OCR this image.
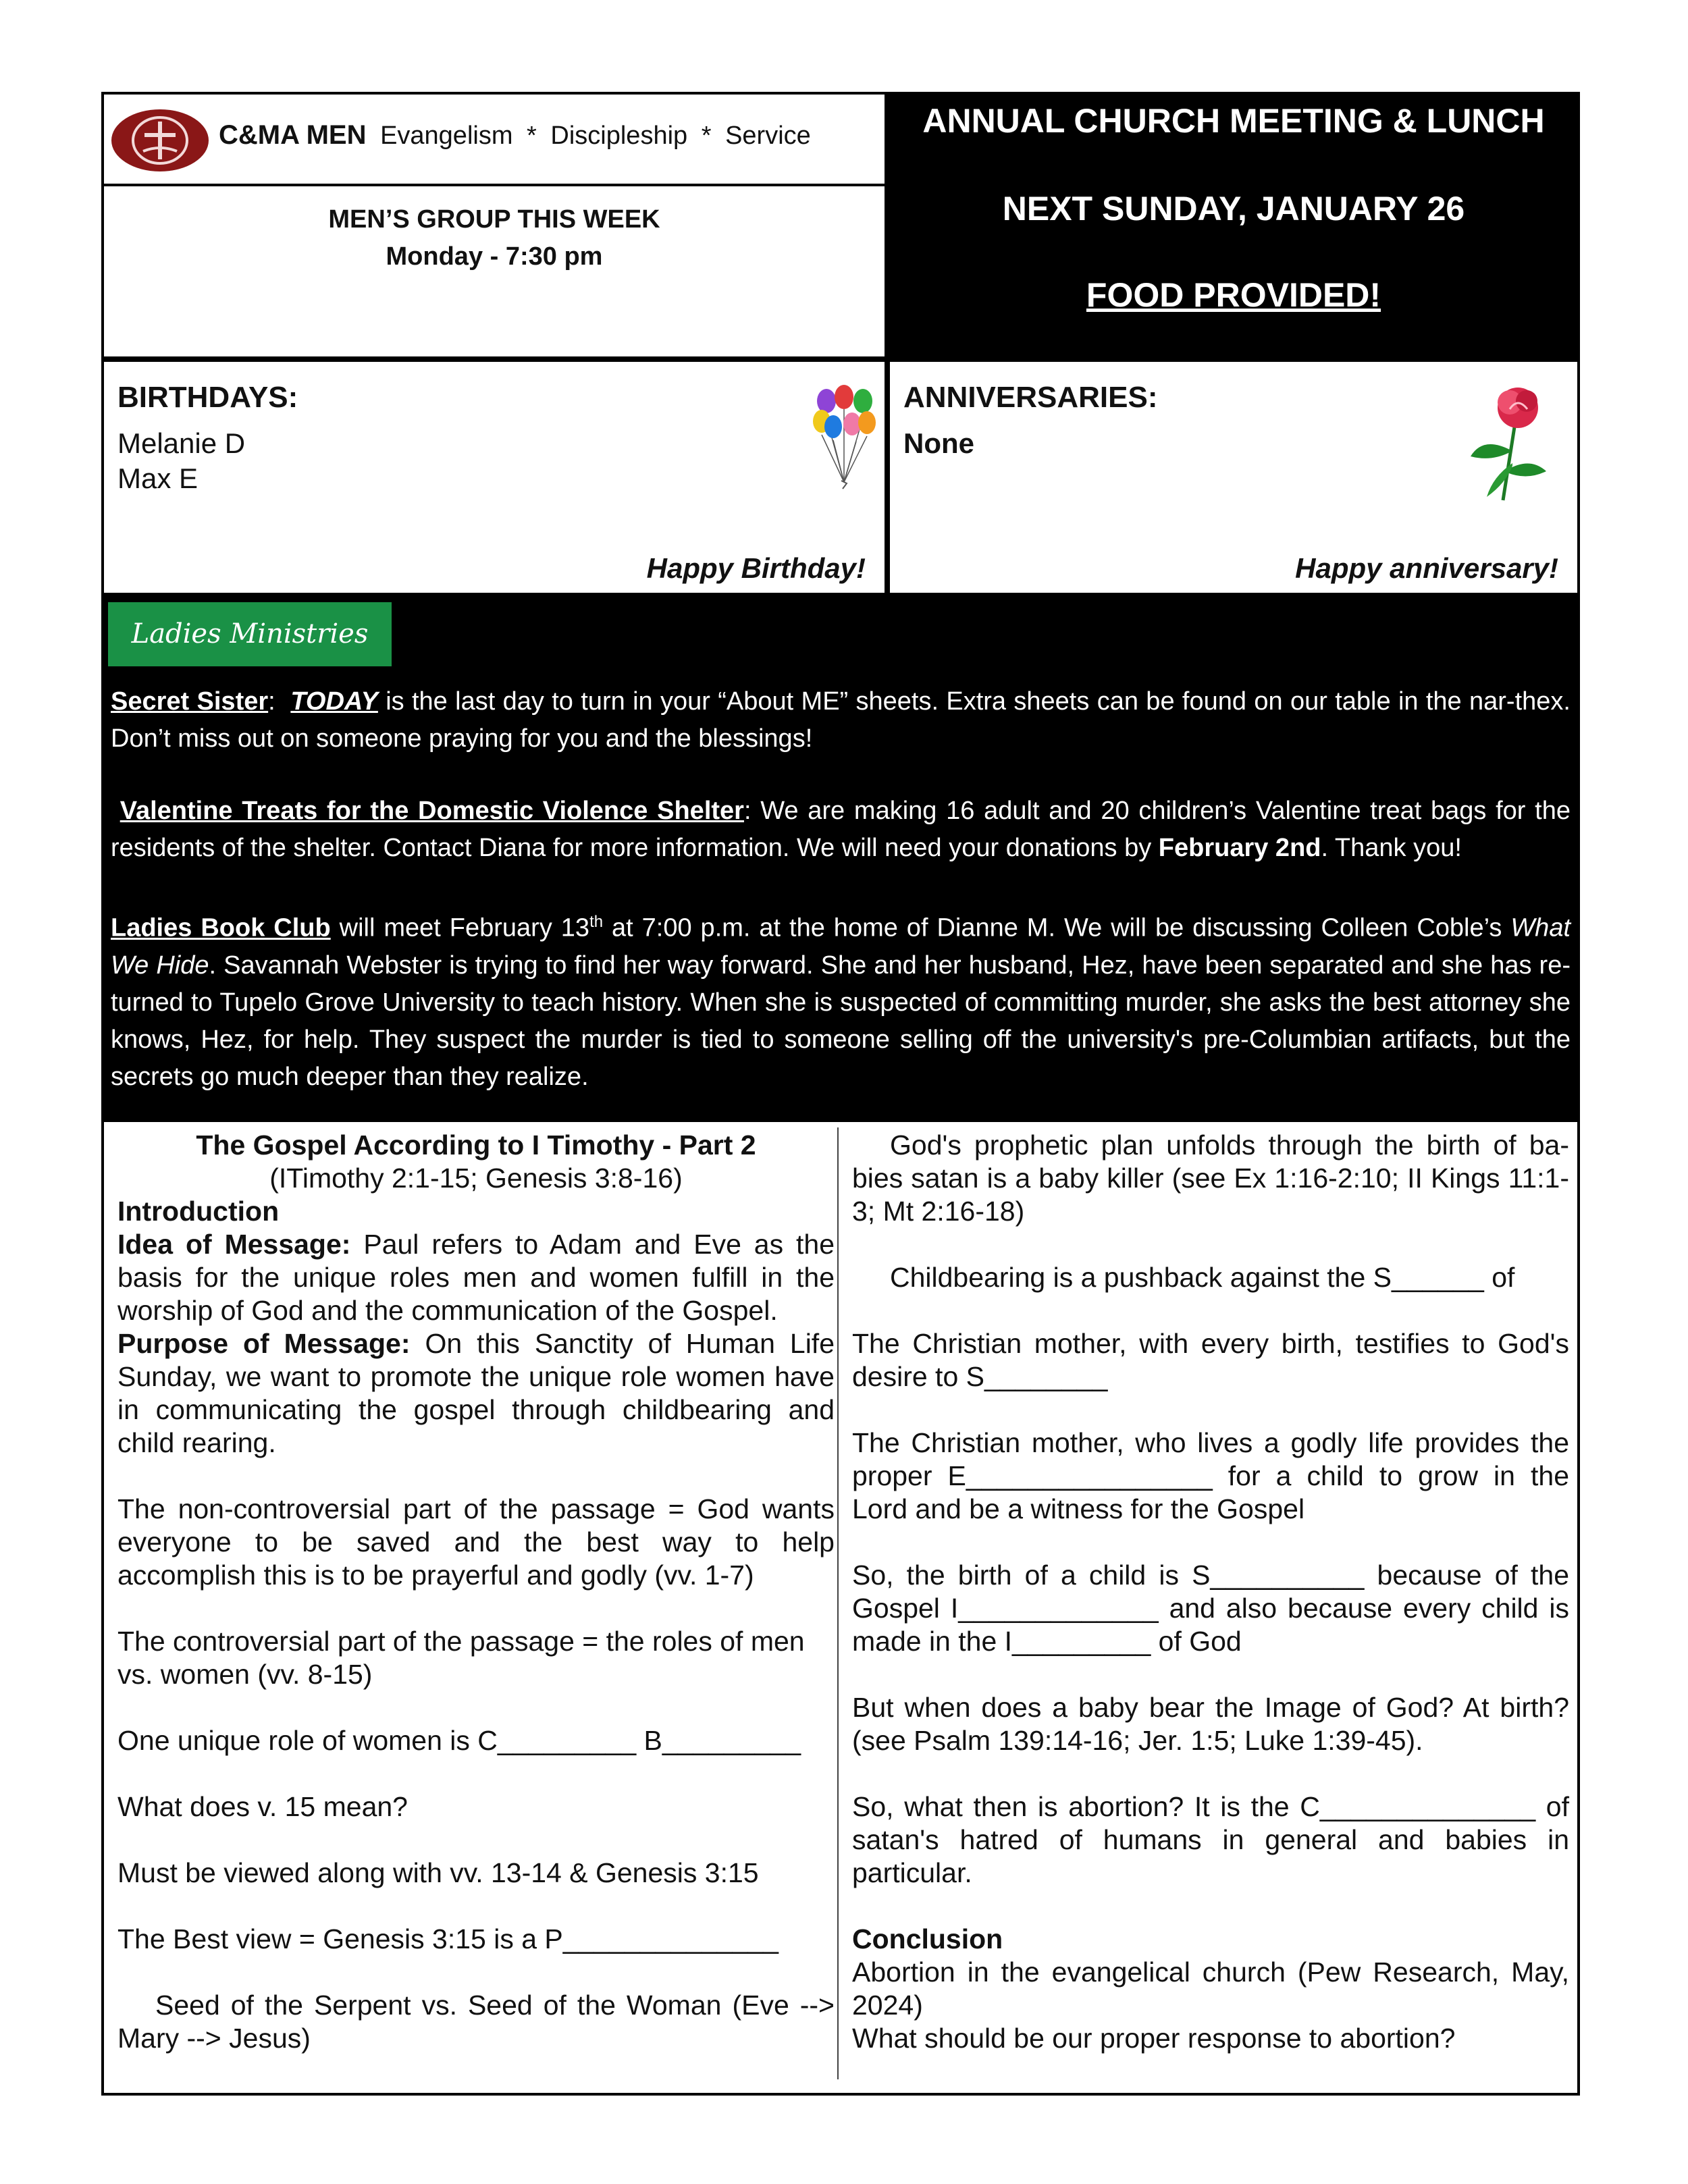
C&MA MEN Evangelism * Discipleship * Service
MEN’S GROUP THIS WEEK
Monday - 7:30 pm
ANNUAL CHURCH MEETING & LUNCH
NEXT SUNDAY, JANUARY 26
FOOD PROVIDED!
BIRTHDAYS:
Melanie D
Max E
Happy Birthday!
ANNIVERSARIES:
None
Happy anniversary!
Ladies Ministries
Secret Sister:  TODAY is the last day to turn in your “About ME” sheets. Extra sheets can be found on our table in the nar-thex. Don’t miss out on someone praying for you and the blessings!
Valentine Treats for the Domestic Violence Shelter: We are making 16 adult and 20 children’s Valentine treat bags for the residents of the shelter. Contact Diana for more information. We will need your donations by February 2nd. Thank you!
Ladies Book Club will meet February 13th at 7:00 p.m. at the home of Dianne M. We will be discussing Colleen Coble’s What We Hide. Savannah Webster is trying to find her way forward. She and her husband, Hez, have been separated and she has re-turned to Tupelo Grove University to teach history. When she is suspected of committing murder, she asks the best attorney she knows, Hez, for help. They suspect the murder is tied to someone selling off the university's pre-Columbian artifacts, but the secrets go much deeper than they realize.

The Gospel According to I Timothy - Part 2

(ITimothy 2:1-15; Genesis 3:8-16)

Introduction

Idea of Message: Paul refers to Adam and Eve as the basis for the unique roles men and women fulfill in the worship of God and the communication of the Gospel.

Purpose of Message: On this Sanctity of Human Life Sunday, we want to promote the unique role women have in communicating the gospel through childbearing and child rearing.

The non-controversial part of the passage = God wants everyone to be saved and the best way to help accomplish this is to be prayerful and godly (vv. 1-7)

The controversial part of the passage = the roles of men vs. women (vv. 8-15)

One unique role of women is C_________ B_________

What does v. 15 mean?

Must be viewed along with vv. 13-14 & Genesis 3:15

The Best view = Genesis 3:15 is a P______________

Seed of the Serpent vs. Seed of the Woman (Eve --> Mary --> Jesus)

God's prophetic plan unfolds through the birth of ba-bies satan is a baby killer (see Ex 1:16-2:10; II Kings 11:1-3; Mt 2:16-18)

Childbearing is a pushback against the S______ of

The Christian mother, with every birth, testifies to God's desire to S________

The Christian mother, who lives a godly life provides the proper E________________ for a child to grow in the Lord and be a witness for the Gospel

So, the birth of a child is S__________ because of the Gospel I_____________ and also because every child is made in the I_________ of God

But when does a baby bear the Image of God? At birth? (see Psalm 139:14-16; Jer. 1:5; Luke 1:39-45).

So, what then is abortion? It is the C______________ of satan's hatred of humans in general and babies in particular.

Conclusion

Abortion in the evangelical church (Pew Research, May, 2024)

What should be our proper response to abortion?
